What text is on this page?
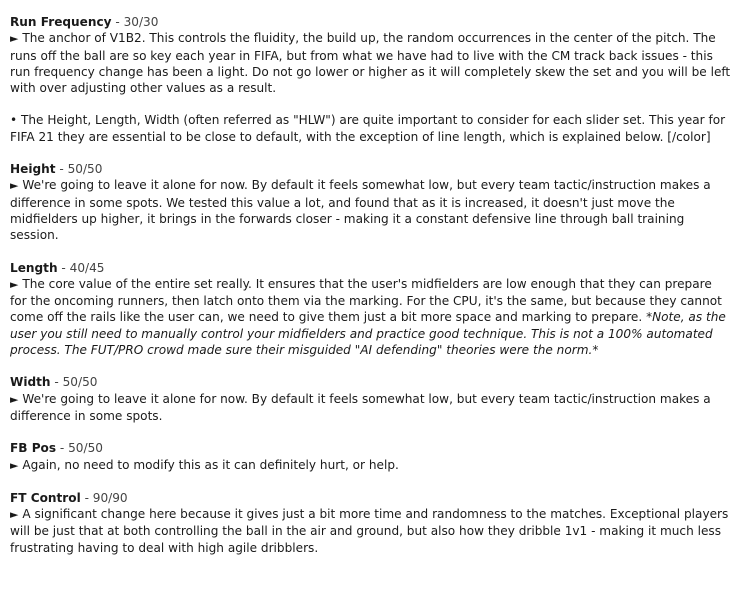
Run Frequency - 30/30

► The anchor of V1B2. This controls the fluidity, the build up, the random occurrences in the center of the pitch. The runs off the ball are so key each year in FIFA, but from what we have had to live with the CM track back issues - this run frequency change has been a light. Do not go lower or higher as it will completely skew the set and you will be left with over adjusting other values as a result.

• The Height, Length, Width (often referred as "HLW") are quite important to consider for each slider set. This year for FIFA 21 they are essential to be close to default, with the exception of line length, which is explained below. [/color]

Height - 50/50

► We're going to leave it alone for now. By default it feels somewhat low, but every team tactic/instruction makes a difference in some spots. We tested this value a lot, and found that as it is increased, it doesn't just move the midfielders up higher, it brings in the forwards closer - making it a constant defensive line through ball training session.

Length - 40/45

► The core value of the entire set really. It ensures that the user's midfielders are low enough that they can prepare for the oncoming runners, then latch onto them via the marking. For the CPU, it's the same, but because they cannot come off the rails like the user can, we need to give them just a bit more space and marking to prepare. *Note, as the user you still need to manually control your midfielders and practice good technique. This is not a 100% automated process. The FUT/PRO crowd made sure their misguided "AI defending" theories were the norm.*

Width - 50/50

► We're going to leave it alone for now. By default it feels somewhat low, but every team tactic/instruction makes a difference in some spots.

FB Pos - 50/50

► Again, no need to modify this as it can definitely hurt, or help.

FT Control - 90/90

► A significant change here because it gives just a bit more time and randomness to the matches. Exceptional players will be just that at both controlling the ball in the air and ground, but also how they dribble 1v1 - making it much less frustrating having to deal with high agile dribblers.
